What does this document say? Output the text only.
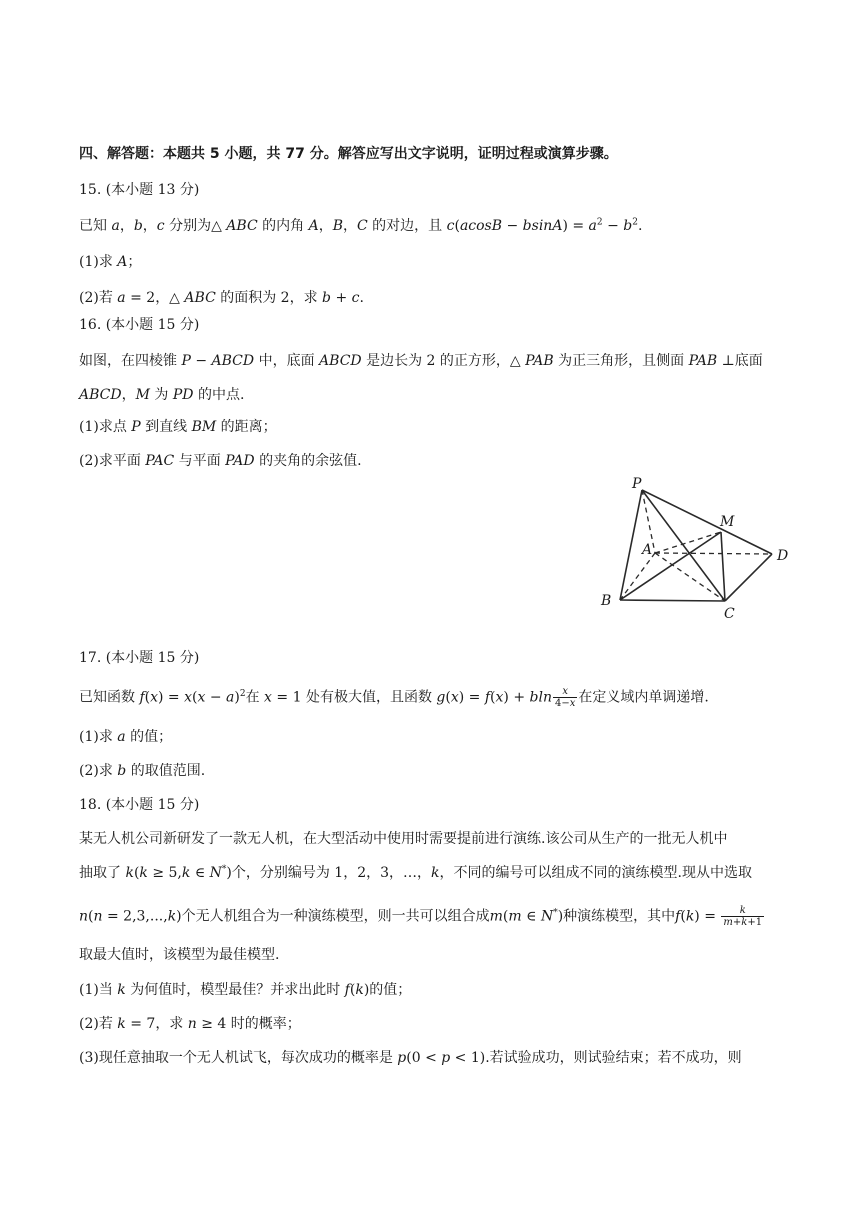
四、解答题：本题共 5 小题，共 77 分。解答应写出文字说明，证明过程或演算步骤。
15. (本小题 13 分)
已知 a，b，c 分别为△ ABC 的内角 A，B，C 的对边，且 $c(acosB - bsinA) = a^2 - b^2$.
(1)求 A；
(2)若 a = 2，△ ABC 的面积为 2，求 b + c.
16. (本小题 15 分)
如图，在四棱锥 P − ABCD 中，底面 ABCD 是边长为 2 的正方形，△ PAB 为正三角形，且侧面 PAB ⊥底面
ABCD，M 为 PD 的中点.
(1)求点 P 到直线 BM 的距离；
(2)求平面 PAC 与平面 PAD 的夹角的余弦值.
P
M
A	D
B
C
17. (本小题 15 分)
已知函数 $f(x) = x(x - a)^2$在 x = 1 处有极大值，且函数 g(x) = f(x) + bln $\frac{x}{4-x}$ 在定义域内单调递增.
(1)求 a 的值；
(2)求 b 的取值范围.
18. (本小题 15 分)
某无人机公司新研发了一款无人机，在大型活动中使用时需要提前进行演练.该公司从生产的一批无人机中
抽取了 k(k ≥ 5,k ∈ N*)个，分别编号为 1，2，3，…，k，不同的编号可以组成不同的演练模型.现从中选取
n(n = 2,3,...,k)个无人机组合为一种演练模型，则一共可以组合成m(m ∈ N*)种演练模型，其中$f(k) = \frac{k}{m+k+1}$
取最大值时，该模型为最佳模型.
(1)当 k 为何值时，模型最佳？并求出此时 f(k)的值；
(2)若 k = 7，求 n ≥ 4 时的概率；
(3)现任意抽取一个无人机试飞，每次成功的概率是 p(0 < p < 1).若试验成功，则试验结束；若不成功，则
